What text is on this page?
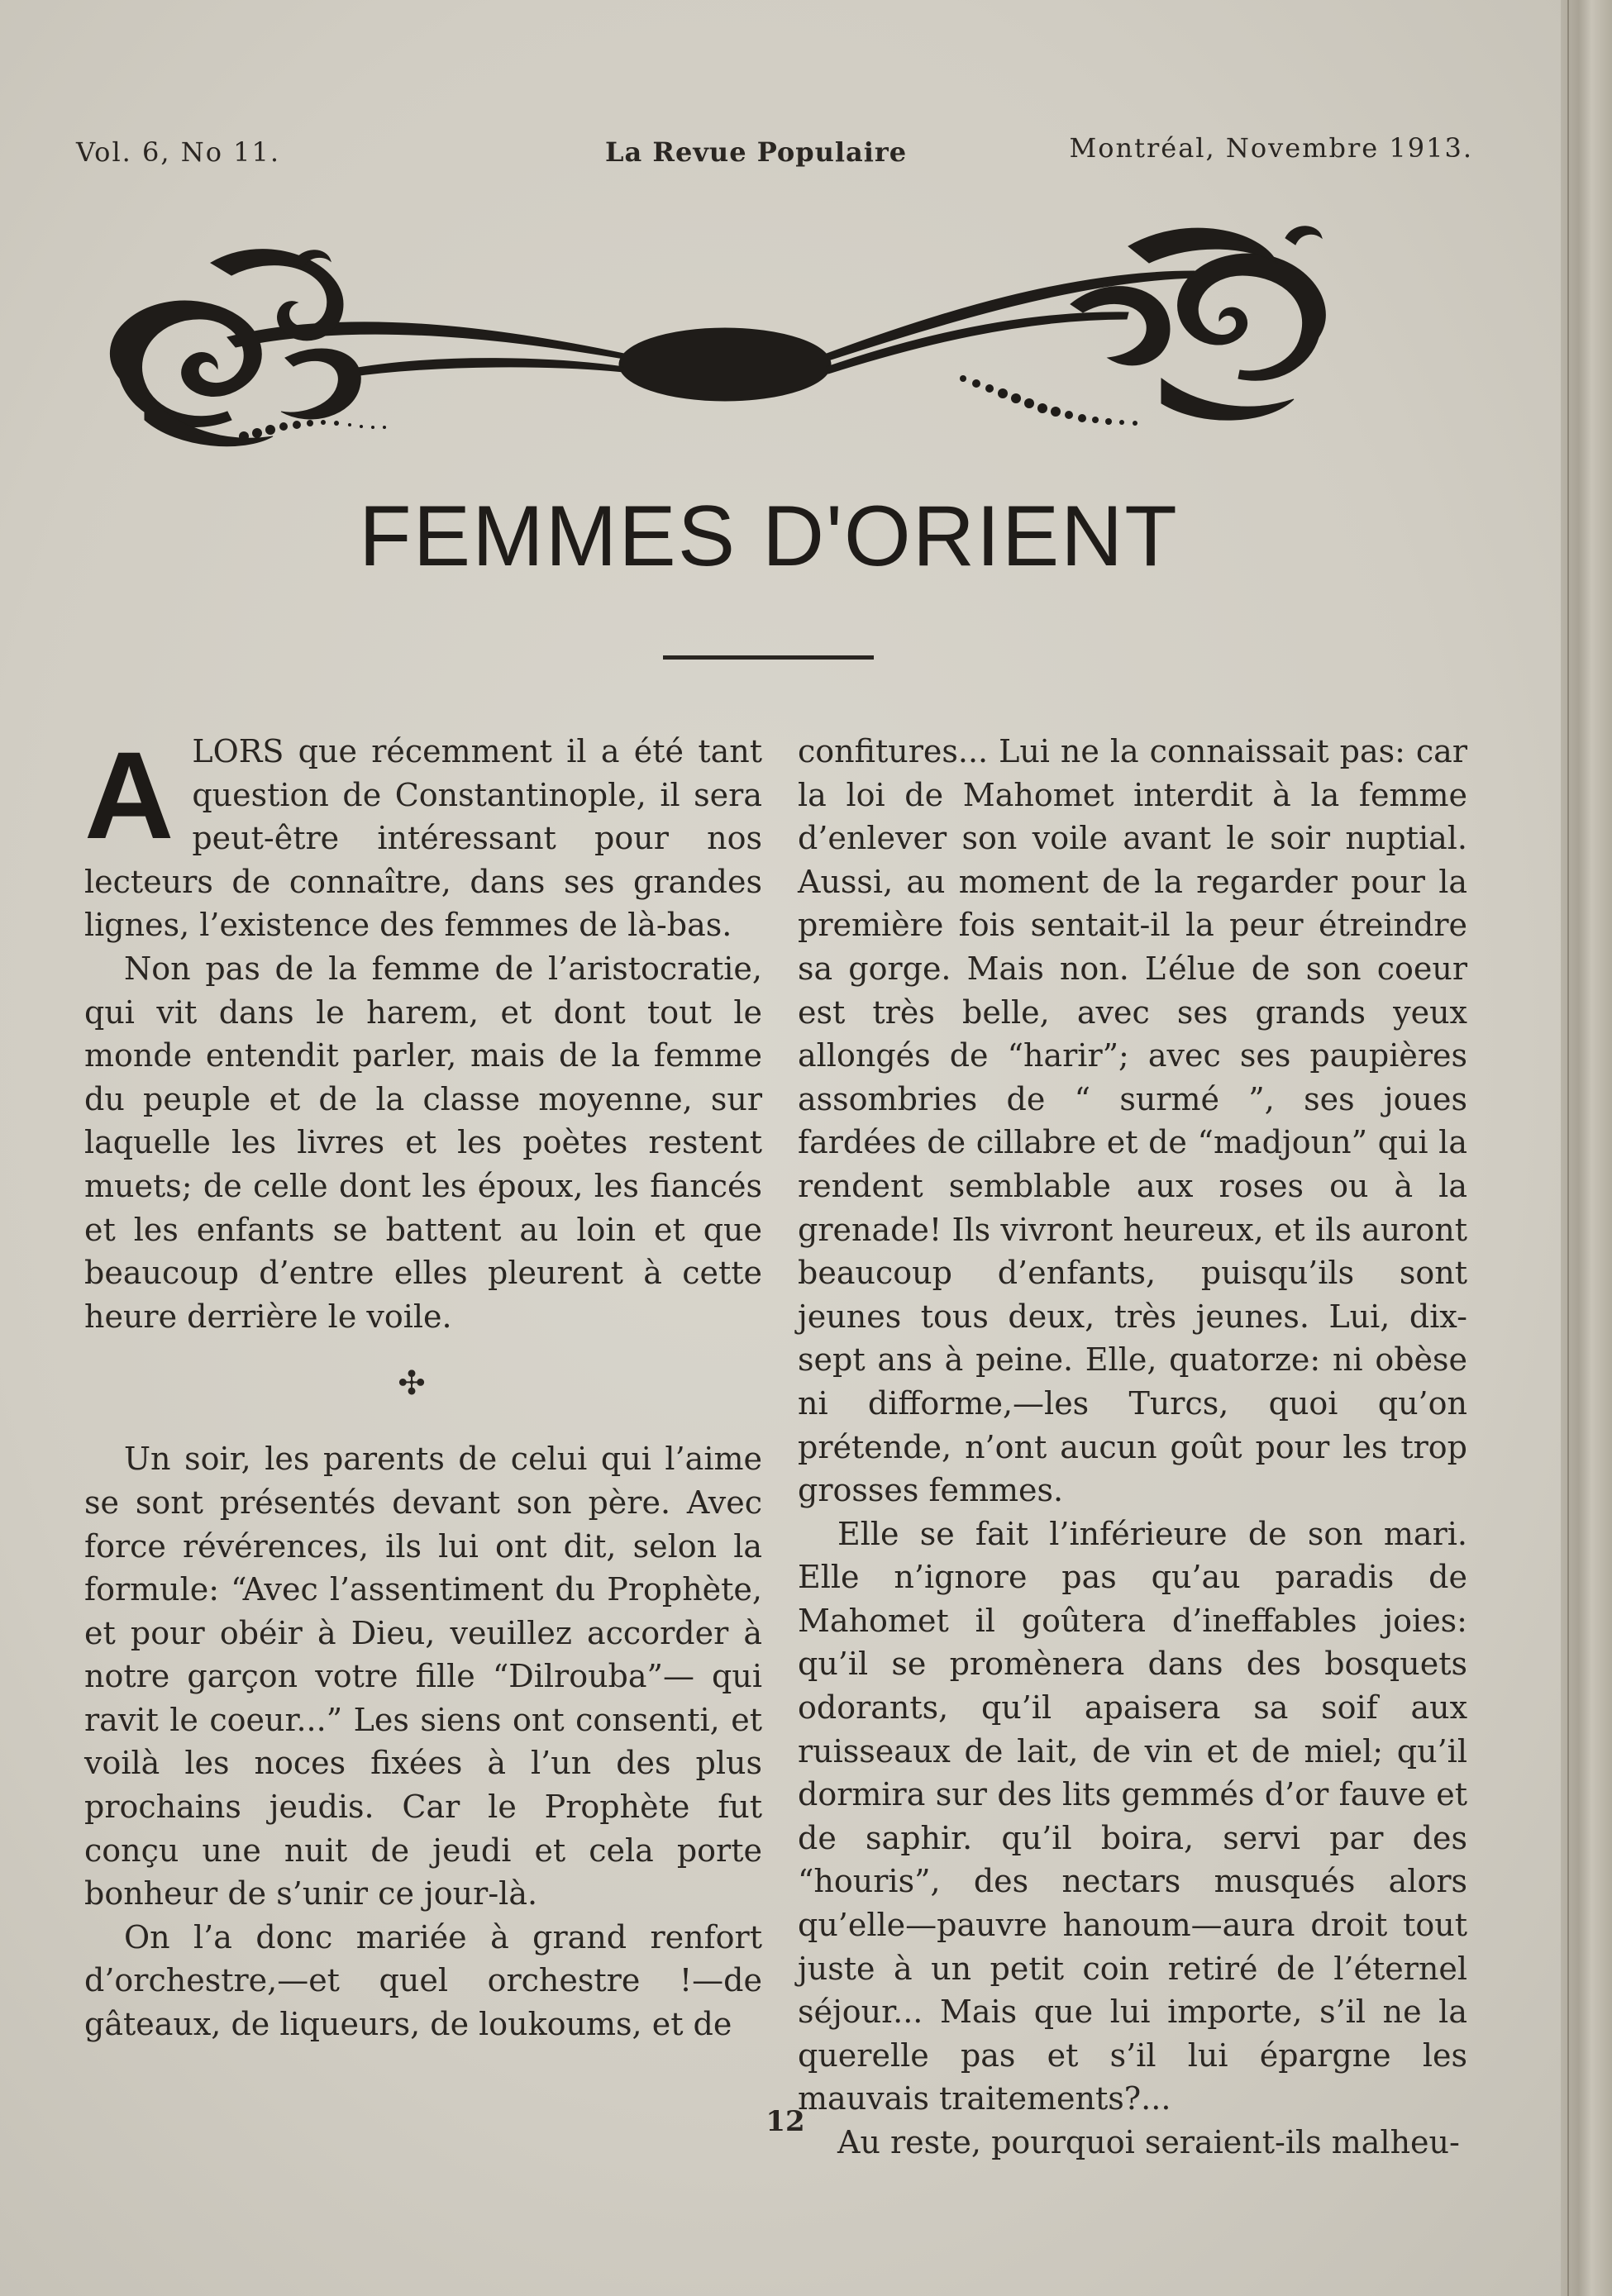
Vol. 6, No 11.	La Revue Populaire	Montréal, Novembre 1913.
FEMMES D'ORIENT

ALORS que récemment il a été tant question de Constantinople, il sera peut-être intéressant pour nos lecteurs de connaître, dans ses grandes lignes, l’existence des femmes de là-bas.

Non pas de la femme de l’aristocratie, qui vit dans le harem, et dont tout le monde entendit parler, mais de la femme du peuple et de la classe moyenne, sur laquelle les livres et les poètes restent muets; de celle dont les époux, les fiancés et les enfants se battent au loin et que beaucoup d’entre elles pleurent à cette heure derrière le voile.

✣

Un soir, les parents de celui qui l’aime se sont présentés devant son père. Avec force révérences, ils lui ont dit, selon la formule: “Avec l’assentiment du Prophète, et pour obéir à Dieu, veuillez accorder à notre garçon votre fille “Dilrouba”— qui ravit le coeur...” Les siens ont consenti, et voilà les noces fixées à l’un des plus prochains jeudis. Car le Prophète fut conçu une nuit de jeudi et cela porte bonheur de s’unir ce jour-là.

On l’a donc mariée à grand renfort d’orchestre,—et quel orchestre !—de gâteaux, de liqueurs, de loukoums, et de

confitures... Lui ne la connaissait pas: car la loi de Mahomet interdit à la femme d’enlever son voile avant le soir nuptial. Aussi, au moment de la regarder pour la première fois sentait-il la peur étreindre sa gorge. Mais non. L’élue de son coeur est très belle, avec ses grands yeux allongés de “harir”; avec ses paupières assombries de “ surmé ”, ses joues fardées de cillabre et de “madjoun” qui la rendent semblable aux roses ou à la grenade! Ils vivront heureux, et ils auront beaucoup d’enfants, puisqu’ils sont jeunes tous deux, très jeunes. Lui, dix-sept ans à peine. Elle, quatorze: ni obèse ni difforme,—les Turcs, quoi qu’on prétende, n’ont aucun goût pour les trop grosses femmes.

Elle se fait l’inférieure de son mari. Elle n’ignore pas qu’au paradis de Mahomet il goûtera d’ineffables joies: qu’il se promènera dans des bosquets odorants, qu’il apaisera sa soif aux ruisseaux de lait, de vin et de miel; qu’il dormira sur des lits gemmés d’or fauve et de saphir. qu’il boira, servi par des “houris”, des nectars musqués alors qu’elle—pauvre hanoum—aura droit tout juste à un petit coin retiré de l’éternel séjour... Mais que lui importe, s’il ne la querelle pas et s’il lui épargne les mauvais traitements?...

Au reste, pourquoi seraient-ils malheu-

12
